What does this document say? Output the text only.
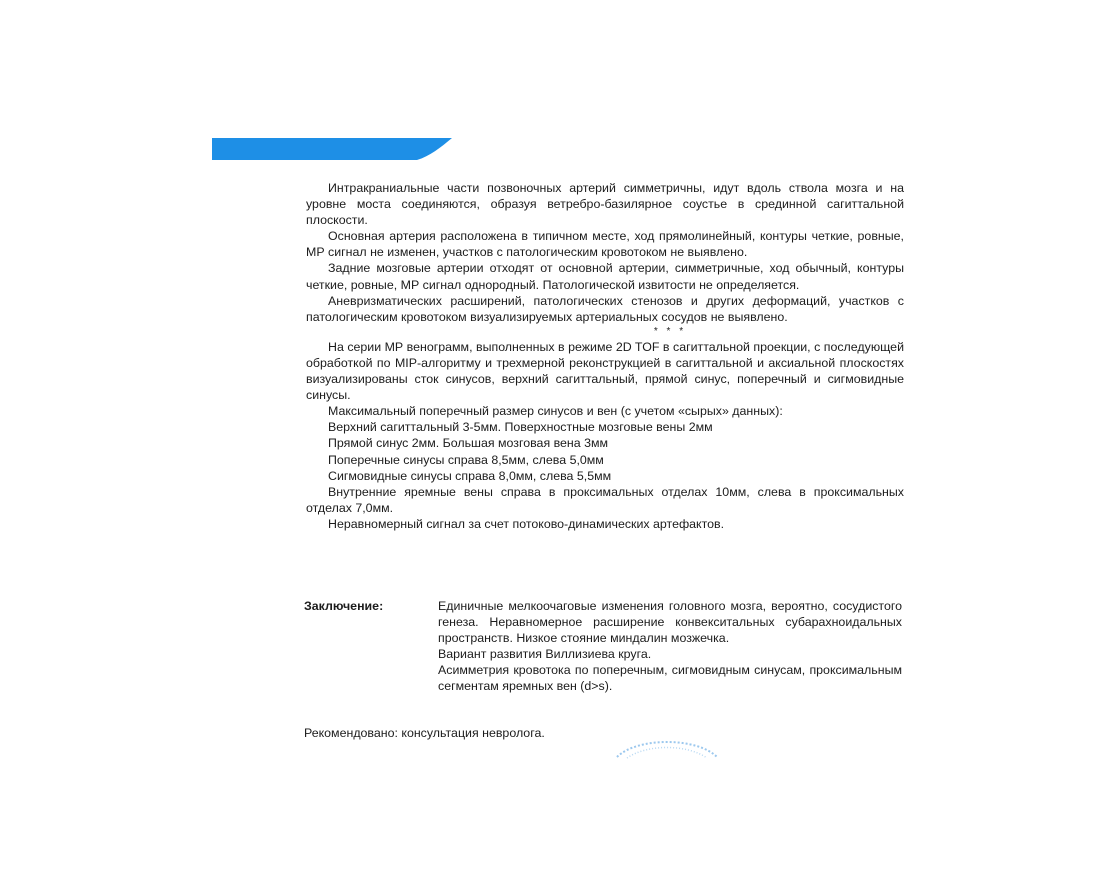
Интракраниальные части позвоночных артерий симметричны, идут вдоль ствола мозга и на уровне моста соединяются, образуя ветребро-базилярное соустье в срединной сагиттальной плоскости.

Основная артерия расположена в типичном месте, ход прямолинейный, контуры четкие, ровные, МР сигнал не изменен, участков с патологическим кровотоком не выявлено.

Задние мозговые артерии отходят от основной артерии, симметричные, ход обычный, контуры четкие, ровные, МР сигнал однородный. Патологической извитости не определяется.

Аневризматических расширений, патологических стенозов и других деформаций, участков с патологическим кровотоком визуализируемых артериальных сосудов не выявлено.

* * *

На серии МР венограмм, выполненных в режиме 2D TOF в сагиттальной проекции, с последующей обработкой по MIP-алгоритму и трехмерной реконструкцией в сагиттальной и аксиальной плоскостях визуализированы сток синусов, верхний сагиттальный, прямой синус, поперечный и сигмовидные синусы.

Максимальный поперечный размер синусов и вен (с учетом «сырых» данных):

Верхний сагиттальный 3-5мм. Поверхностные мозговые вены 2мм

Прямой синус 2мм. Большая мозговая вена 3мм

Поперечные синусы справа 8,5мм, слева 5,0мм

Сигмовидные синусы справа 8,0мм, слева 5,5мм

Внутренние яремные вены справа в проксимальных отделах 10мм, слева в проксимальных отделах 7,0мм.

Неравномерный сигнал за счет потоково-динамических артефактов.

Заключение:	Единичные мелкоочаговые изменения головного мозга, вероятно, сосудистого генеза. Неравномерное расширение конвекситальных субарахноидальных пространств. Низкое стояние миндалин мозжечка.

Вариант развития Виллизиева круга.

Асимметрия кровотока по поперечным, сигмовидным синусам, проксимальным сегментам яремных вен (d>s).

Рекомендовано: консультация невролога.
